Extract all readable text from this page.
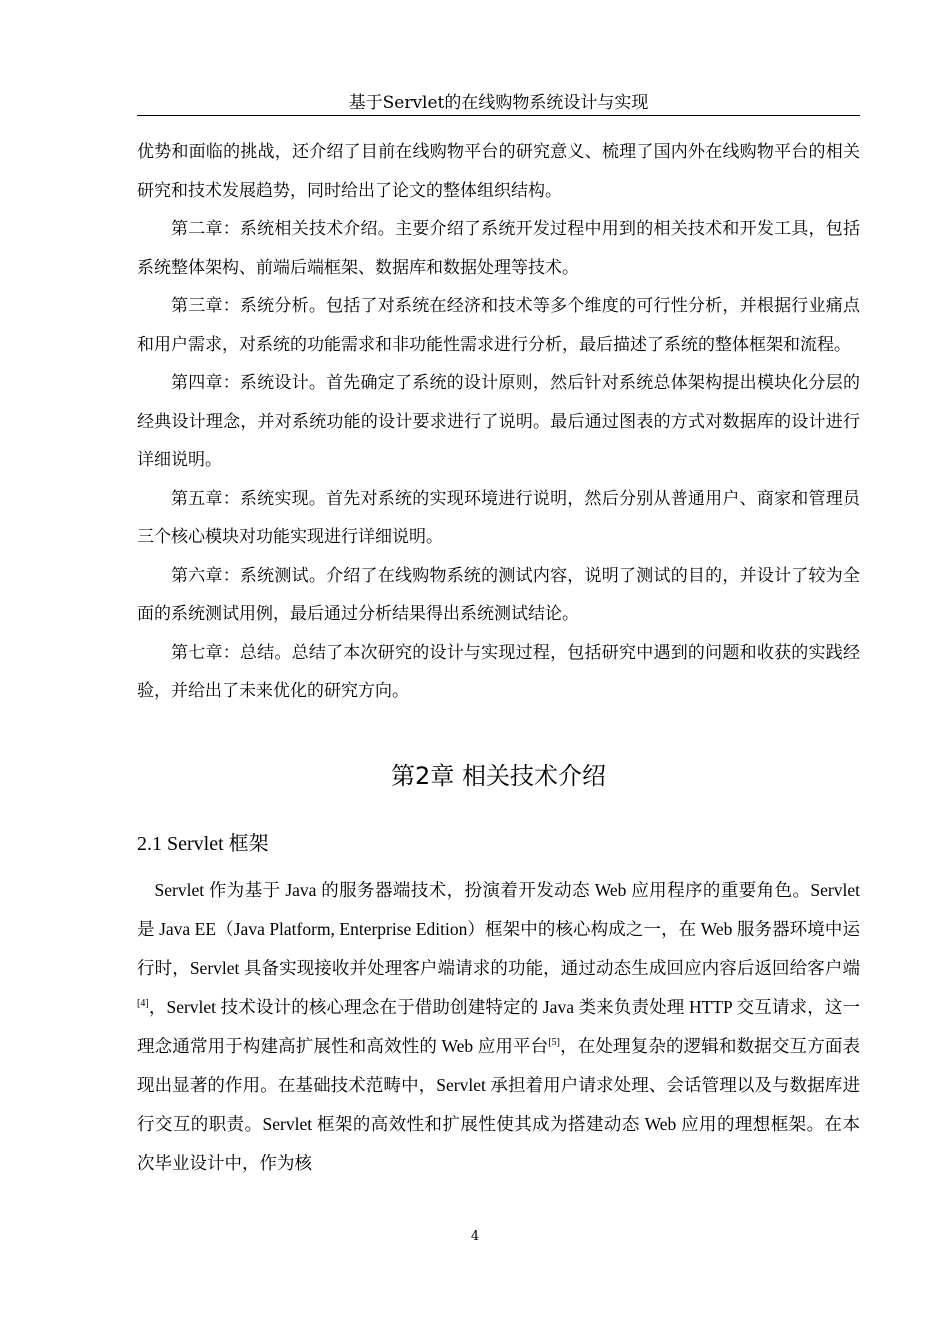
基于Servlet的在线购物系统设计与实现

优势和面临的挑战，还介绍了目前在线购物平台的研究意义、梳理了国内外在线购物平台的相关研究和技术发展趋势，同时给出了论文的整体组织结构。

第二章：系统相关技术介绍。主要介绍了系统开发过程中用到的相关技术和开发工具，包括系统整体架构、前端后端框架、数据库和数据处理等技术。

第三章：系统分析。包括了对系统在经济和技术等多个维度的可行性分析，并根据行业痛点和用户需求，对系统的功能需求和非功能性需求进行分析，最后描述了系统的整体框架和流程。

第四章：系统设计。首先确定了系统的设计原则，然后针对系统总体架构提出模块化分层的经典设计理念，并对系统功能的设计要求进行了说明。最后通过图表的方式对数据库的设计进行详细说明。

第五章：系统实现。首先对系统的实现环境进行说明，然后分别从普通用户、商家和管理员三个核心模块对功能实现进行详细说明。

第六章：系统测试。介绍了在线购物系统的测试内容，说明了测试的目的，并设计了较为全面的系统测试用例，最后通过分析结果得出系统测试结论。

第七章：总结。总结了本次研究的设计与实现过程，包括研究中遇到的问题和收获的实践经验，并给出了未来优化的研究方向。

第2章 相关技术介绍
2.1 Servlet 框架

Servlet 作为基于 Java 的服务器端技术，扮演着开发动态 Web 应用程序的重要角色。Servlet 是 Java EE（Java Platform, Enterprise Edition）框架中的核心构成之一，在 Web 服务器环境中运行时，Servlet 具备实现接收并处理客户端请求的功能，通过动态生成回应内容后返回给客户端[4]，Servlet 技术设计的核心理念在于借助创建特定的 Java 类来负责处理 HTTP 交互请求，这一理念通常用于构建高扩展性和高效性的 Web 应用平台[5]，在处理复杂的逻辑和数据交互方面表现出显著的作用。在基础技术范畴中，Servlet 承担着用户请求处理、会话管理以及与数据库进行交互的职责。Servlet 框架的高效性和扩展性使其成为搭建动态 Web 应用的理想框架。在本次毕业设计中，作为核

4
